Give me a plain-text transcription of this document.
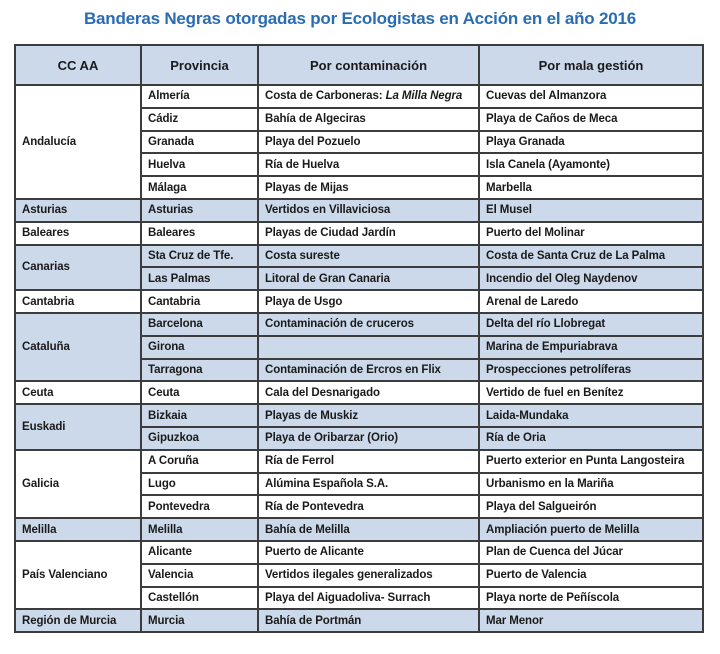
Banderas Negras otorgadas por Ecologistas en Acción en el año 2016
CC AA	Provincia	Por contaminación	Por mala gestión
Andalucía	Almería	Costa de Carboneras: La Milla Negra	Cuevas del Almanzora
	Cádiz	Bahía de Algeciras	Playa de Caños de Meca
	Granada	Playa del Pozuelo	Playa Granada
	Huelva	Ría de Huelva	Isla Canela (Ayamonte)
	Málaga	Playas de Mijas	Marbella
Asturias	Asturias	Vertidos en Villaviciosa	El Musel
Baleares	Baleares	Playas de Ciudad Jardín	Puerto del Molinar
Canarias	Sta Cruz de Tfe.	Costa sureste	Costa de Santa Cruz de La Palma
	Las Palmas	Litoral de Gran Canaria	Incendio del Oleg Naydenov
Cantabria	Cantabria	Playa de Usgo	Arenal de Laredo
Cataluña	Barcelona	Contaminación de cruceros	Delta del río Llobregat
	Girona		Marina de Empuriabrava
	Tarragona	Contaminación de Ercros en Flix	Prospecciones petrolíferas
Ceuta	Ceuta	Cala del Desnarigado	Vertido de fuel en Benítez
Euskadi	Bizkaia	Playas de Muskiz	Laida-Mundaka
	Gipuzkoa	Playa de Oribarzar (Orio)	Ría de Oria
Galicia	A Coruña	Ría de Ferrol	Puerto exterior en Punta Langosteira
	Lugo	Alúmina Española S.A.	Urbanismo en la Mariña
	Pontevedra	Ría de Pontevedra	Playa del Salgueirón
Melilla	Melilla	Bahía de Melilla	Ampliación puerto de Melilla
País Valenciano	Alicante	Puerto de Alicante	Plan de Cuenca del Júcar
	Valencia	Vertidos ilegales generalizados	Puerto de Valencia
	Castellón	Playa del Aiguadoliva- Surrach	Playa norte de Peñíscola
Región de Murcia	Murcia	Bahía de Portmán	Mar Menor
